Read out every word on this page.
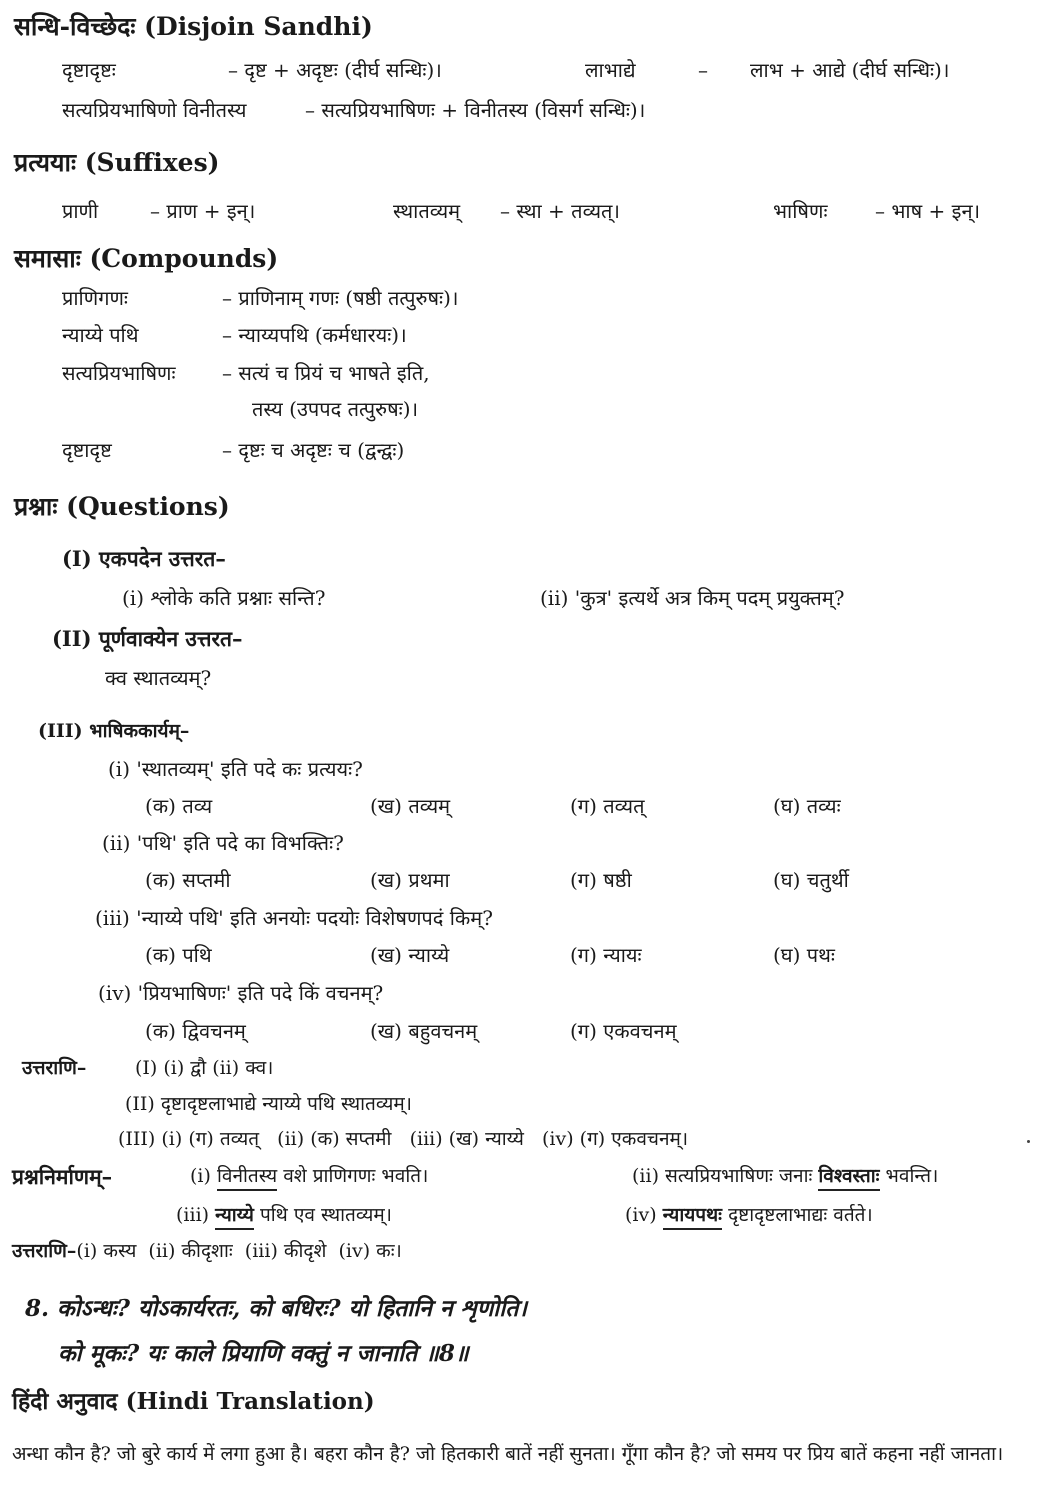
सन्धि-विच्छेदः (Disjoin Sandhi)
दृष्टादृष्टः	– दृष्ट + अदृष्टः (दीर्घ सन्धिः)।	लाभाद्ये	– लाभ + आद्ये (दीर्घ सन्धिः)।
सत्यप्रियभाषिणो विनीतस्य	– सत्यप्रियभाषिणः + विनीतस्य (विसर्ग सन्धिः)।
प्रत्ययाः (Suffixes)
प्राणी	– प्राण + इन्।	स्थातव्यम् – स्था + तव्यत्।	भाषिणः – भाष + इन्।
समासाः (Compounds)
प्राणिगणः	– प्राणिनाम् गणः (षष्ठी तत्पुरुषः)।
न्याय्ये पथि	– न्याय्यपथि (कर्मधारयः)।
सत्यप्रियभाषिणः – सत्यं च प्रियं च भाषते इति,
तस्य (उपपद तत्पुरुषः)।
दृष्टादृष्ट	– दृष्टः च अदृष्टः च (द्वन्द्वः)
प्रश्नाः (Questions)
(I) एकपदेन उत्तरत–
(i) श्लोके कति प्रश्नाः सन्ति?	(ii) 'कुत्र' इत्यर्थे अत्र किम् पदम् प्रयुक्तम्?
(II) पूर्णवाक्येन उत्तरत–
क्व स्थातव्यम्?
(III) भाषिककार्यम्–
(i) 'स्थातव्यम्' इति पदे कः प्रत्ययः?
(क) तव्य	(ख) तव्यम्	(ग) तव्यत्	(घ) तव्यः
(ii) 'पथि' इति पदे का विभक्तिः?
(क) सप्तमी	(ख) प्रथमा	(ग) षष्ठी	(घ) चतुर्थी
(iii) 'न्याय्ये पथि' इति अनयोः पदयोः विशेषणपदं किम्?
(क) पथि	(ख) न्याय्ये	(ग) न्यायः	(घ) पथः
(iv) 'प्रियभाषिणः' इति पदे किं वचनम्?
(क) द्विवचनम्	(ख) बहुवचनम्	(ग) एकवचनम्
उत्तराणि–	(I) (i) द्वौ (ii) क्व।
(II) दृष्टादृष्टलाभाद्ये न्याय्ये पथि स्थातव्यम्।
(III) (i) (ग) तव्यत्   (ii) (क) सप्तमी   (iii) (ख) न्याय्ये   (iv) (ग) एकवचनम्।
प्रश्ननिर्माणम्–	(i) विनीतस्य वशे प्राणिगणः भवति।	(ii) सत्यप्रियभाषिणः जनाः विश्वस्ताः भवन्ति।
(iii) न्याय्ये पथि एव स्थातव्यम्।	(iv) न्यायपथः दृष्टादृष्टलाभाद्यः वर्तते।
उत्तराणि–(i) कस्य  (ii) कीदृशाः  (iii) कीदृशे  (iv) कः।
8. कोऽन्धः? योऽकार्यरतः, को बधिरः? यो हितानि न शृणोति।
को मूकः? यः काले प्रियाणि वक्तुं न जानाति ॥8॥
हिंदी अनुवाद (Hindi Translation)
अन्धा कौन है? जो बुरे कार्य में लगा हुआ है। बहरा कौन है? जो हितकारी बातें नहीं सुनता। गूँगा कौन है? जो समय पर प्रिय बातें कहना नहीं जानता।
